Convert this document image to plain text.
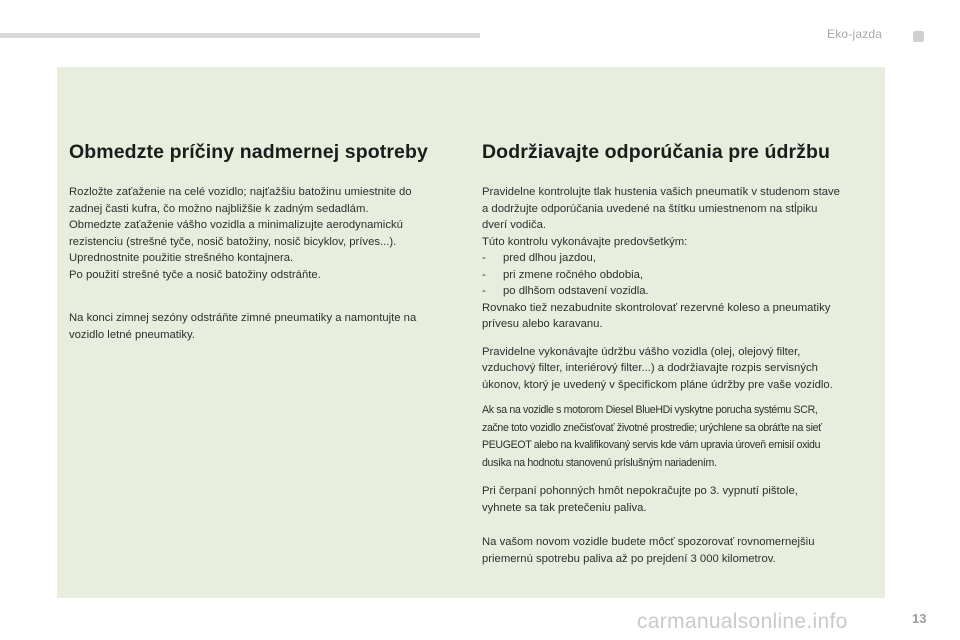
Eko-jazda
Obmedzte príčiny nadmernej spotreby

Rozložte zaťaženie na celé vozidlo; najťažšiu batožinu umiestnite do
zadnej časti kufra, čo možno najbližšie k zadným sedadlám.
Obmedzte zaťaženie vášho vozidla a minimalizujte aerodynamickú
rezistenciu (strešné tyče, nosič batožiny, nosič bicyklov, príves...).
Uprednostnite použitie strešného kontajnera.
Po použití strešné tyče a nosič batožiny odstráňte.

Na konci zimnej sezóny odstráňte zimné pneumatiky a namontujte na
vozidlo letné pneumatiky.

Dodržiavajte odporúčania pre údržbu

Pravidelne kontrolujte tlak hustenia vašich pneumatík v studenom stave
a dodržujte odporúčania uvedené na štítku umiestnenom na stĺpiku
dverí vodiča.
Túto kontrolu vykonávajte predovšetkým:
- pred dlhou jazdou,
- pri zmene ročného obdobia,
- po dlhšom odstavení vozidla.
Rovnako tiež nezabudnite skontrolovať rezervné koleso a pneumatiky
prívesu alebo karavanu.

Pravidelne vykonávajte údržbu vášho vozidla (olej, olejový filter,
vzduchový filter, interiérový filter...) a dodržiavajte rozpis servisných
úkonov, ktorý je uvedený v špecifickom pláne údržby pre vaše vozidlo.

Ak sa na vozidle s motorom Diesel BlueHDi vyskytne porucha systému SCR,
začne toto vozidlo znečisťovať životné prostredie; urýchlene sa obráťte na sieť
PEUGEOT alebo na kvalifikovaný servis kde vám upravia úroveň emisií oxidu
dusíka na hodnotu stanovenú príslušným nariadením.

Pri čerpaní pohonných hmôt nepokračujte po 3. vypnutí pištole,
vyhnete sa tak pretečeniu paliva.

Na vašom novom vozidle budete môcť spozorovať rovnomernejšiu
priemernú spotrebu paliva až po prejdení 3 000 kilometrov.

carmanualsonline.info	13
